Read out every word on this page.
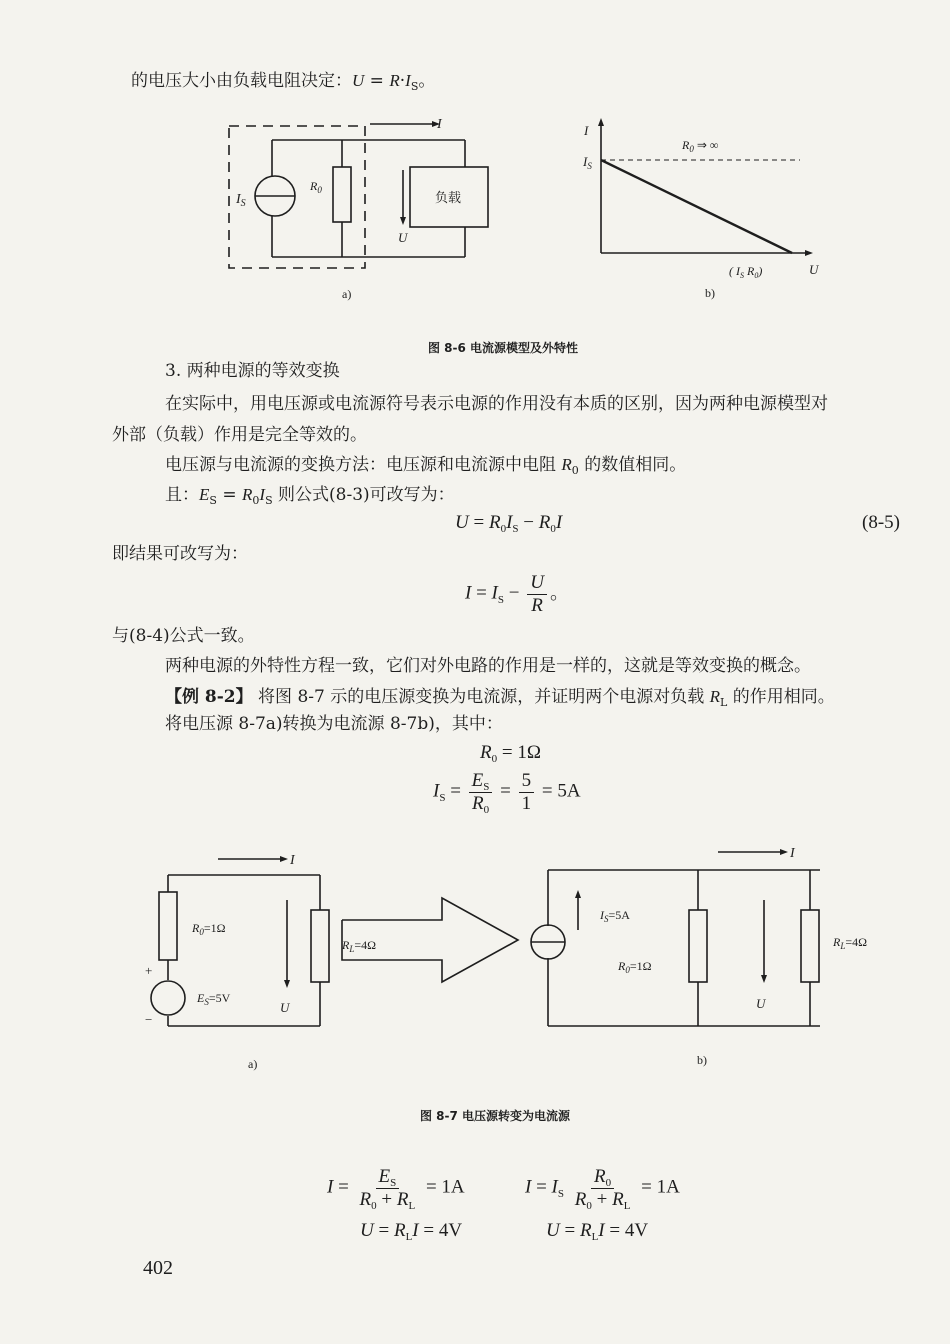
的电压大小由负载电阻决定：$U = R\cdot I_S$。
I
$I_S$
$R_0$	负载
U
a)
I
U
$I_S$
$R_0$ ⇒ ∞
( $I_S$ $R_0$)
b)
图 8-6 电流源模型及外特性
3. 两种电源的等效变换
在实际中，用电压源或电流源符号表示电源的作用没有本质的区别，因为两种电源模型对
外部（负载）作用是完全等效的。
电压源与电流源的变换方法：电压源和电流源中电阻 $R_0$ 的数值相同。
且：$E_S = R_0I_S$ 则公式(8-3)可改写为：
$U = R_0I_S - R_0I$	(8-5)
即结果可改写为：
$I = I_S - \frac{U}{R}$ 。
与(8-4)公式一致。
两种电源的外特性方程一致，它们对外电路的作用是一样的，这就是等效变换的概念。
【例 8-2】 将图 8-7 示的电压源变换为电流源，并证明两个电源对负载 $R_L$ 的作用相同。
将电压源 8-7a)转换为电流源 8-7b)，其中：
$R_0 = 1\Omega$
$I_S = \frac{E_S}{R_0} = \frac{5}{1} = 5A$
I
$R_0=1\Omega$
$R_L=4\Omega$
$E_S=5V$
U
+
−
a)
I
$I_S=5A$
$R_0=1\Omega$
$R_L=4\Omega$
U
b)
图 8-7 电压源转变为电流源
$I = \frac{E_S}{R_0 + R_L} = 1A$	$I = I_S \frac{R_0}{R_0 + R_L} = 1A$
$U = R_LI = 4V$	$U = R_LI = 4V$
402
